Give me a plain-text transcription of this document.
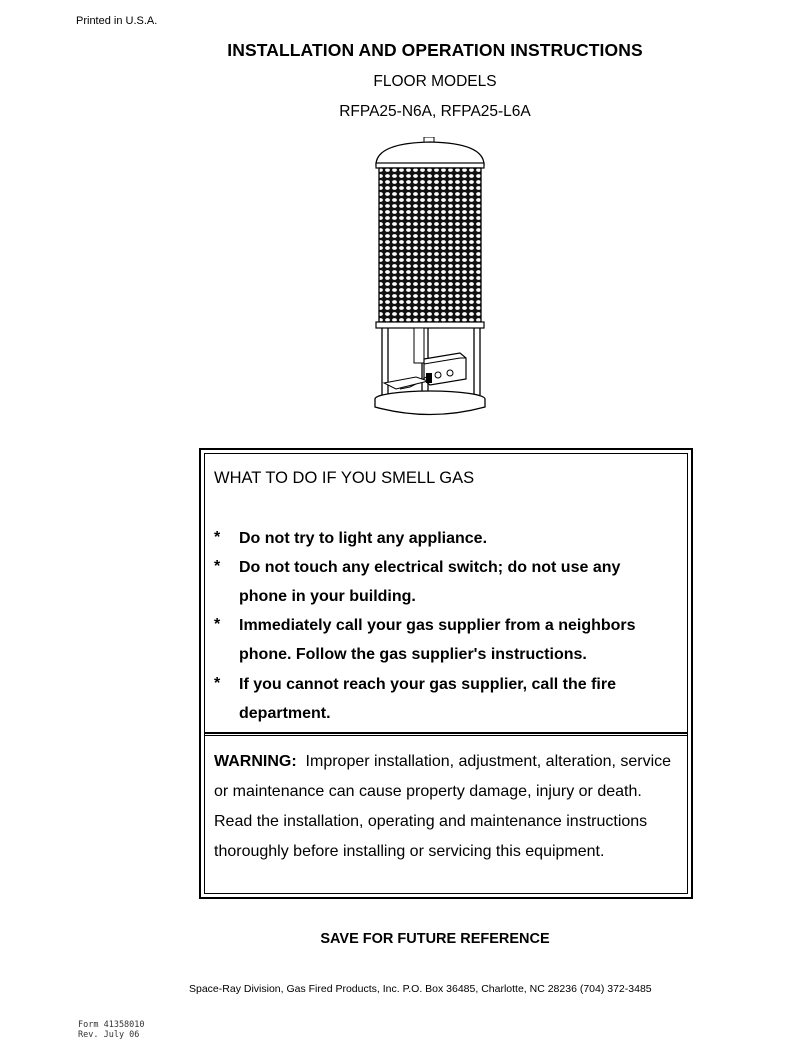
Printed in U.S.A.
INSTALLATION AND OPERATION INSTRUCTIONS
FLOOR MODELS
RFPA25-N6A, RFPA25-L6A
WHAT TO DO IF YOU SMELL GAS
* Do not try to light any appliance.
* Do not touch any electrical switch; do not use any phone in your building.
* Immediately call your gas supplier from a neighbors phone. Follow the gas supplier's instructions.
* If you cannot reach your gas supplier, call the fire department.
WARNING: Improper installation, adjustment, alteration, service or maintenance can cause property damage, injury or death. Read the installation, operating and maintenance instructions thoroughly before installing or servicing this equipment.
SAVE FOR FUTURE REFERENCE
Space-Ray Division, Gas Fired Products, Inc. P.O. Box 36485, Charlotte, NC 28236 (704) 372-3485
Form 41358010
Rev. July 06
